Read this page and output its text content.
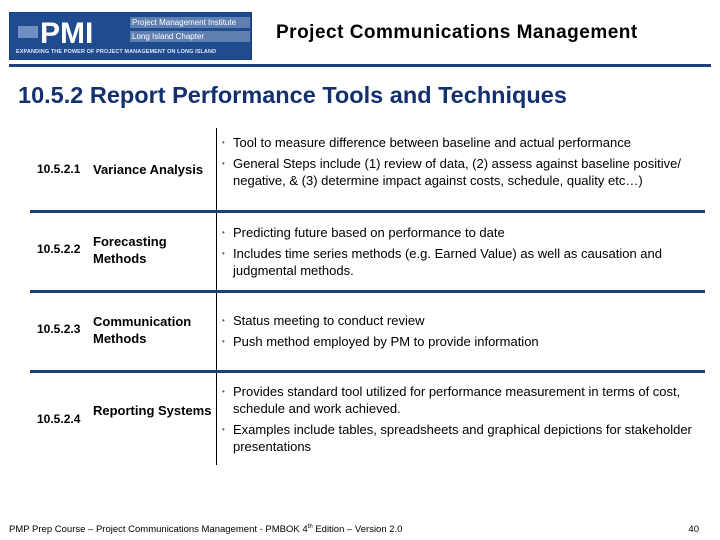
PMI	Project Management Institute
Long Island Chapter
EXPANDING THE POWER OF PROJECT MANAGEMENT ON LONG ISLAND
Project Communications Management
10.5.2 Report Performance Tools and Techniques
10.5.2.1 Variance Analysis
• Tool to measure difference between baseline and actual performance
• General Steps include (1) review of data, (2) assess against baseline positive/ negative, & (3) determine impact against costs, schedule, quality etc…)
10.5.2.2 Forecasting Methods
• Predicting future based on performance to date
• Includes time series methods (e.g. Earned Value) as well as causation and judgmental methods.
10.5.2.3 Communication Methods
• Status meeting to conduct review
• Push method employed by PM to provide information
10.5.2.4
Reporting Systems
• Provides standard tool utilized for performance measurement in terms of cost, schedule and work achieved.
• Examples include tables, spreadsheets and graphical depictions for stakeholder presentations
PMP Prep Course – Project Communications Management - PMBOK 4th Edition – Version 2.0	40
